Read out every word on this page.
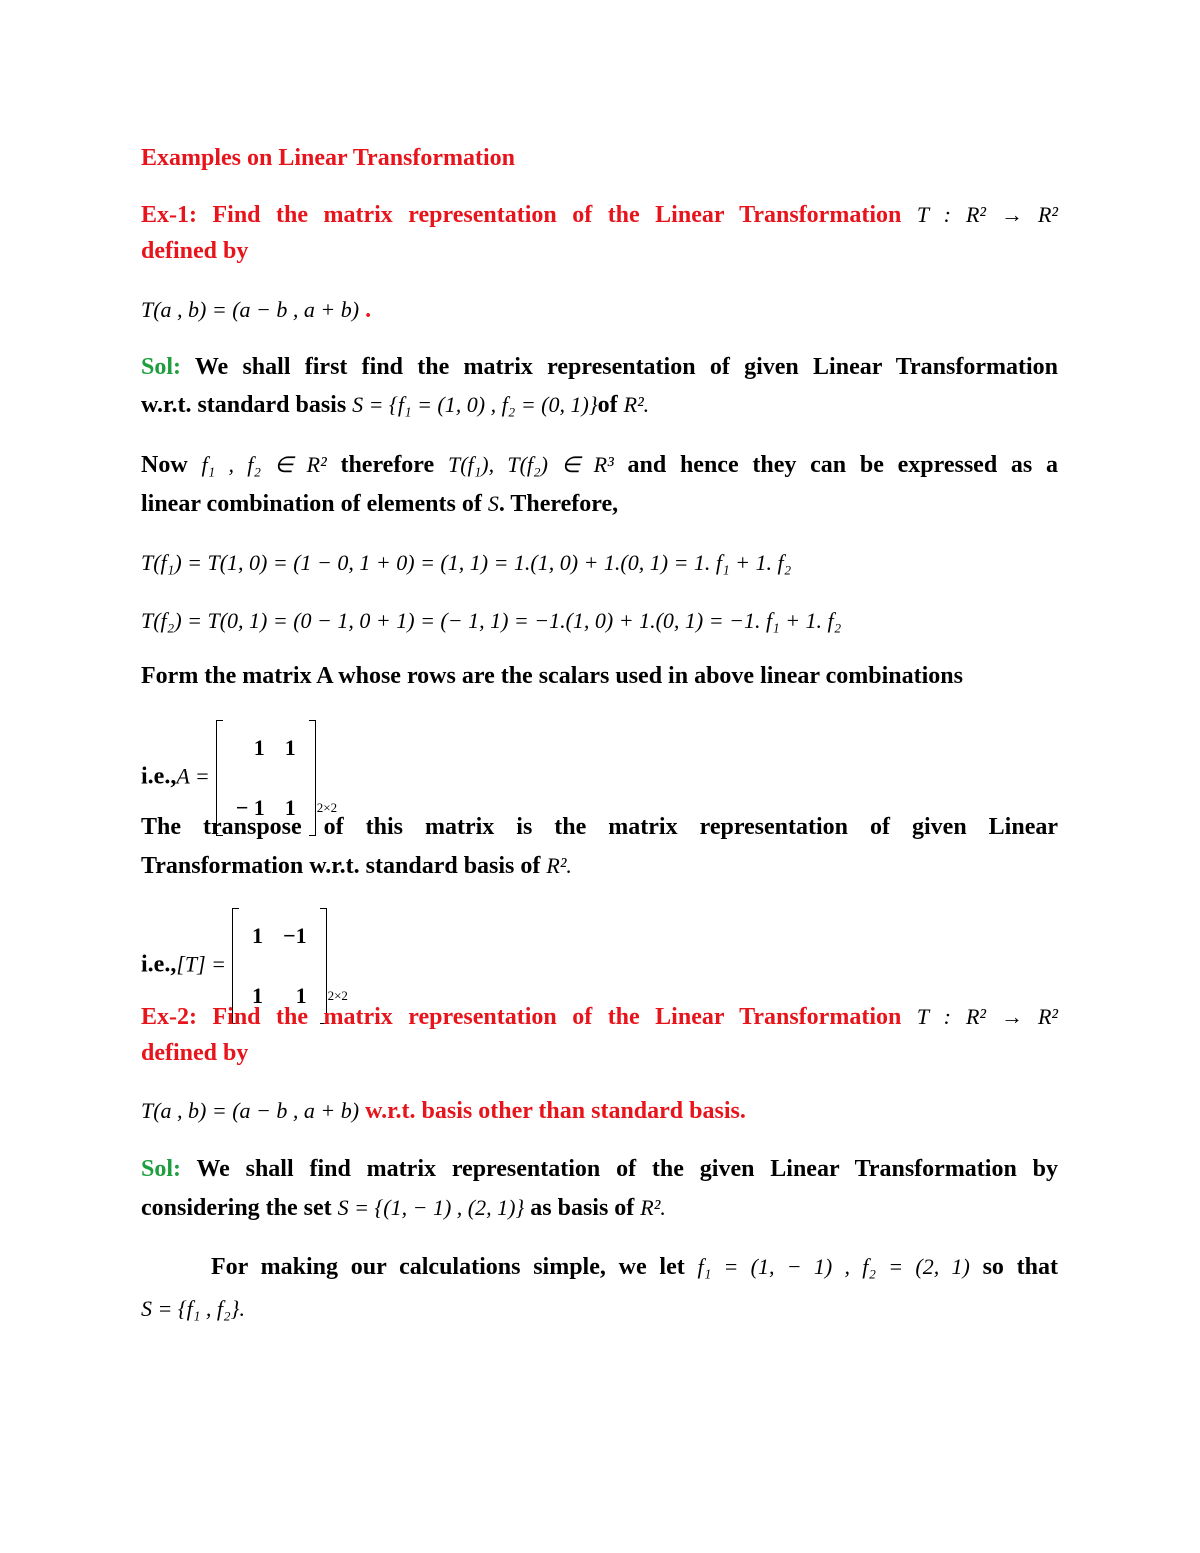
Examples on Linear Transformation
Ex-1: Find the matrix representation of the Linear Transformation T : R² → R²
defined by
T(a , b) = (a − b , a + b) .
Sol: We shall first find the matrix representation of given Linear Transformation
w.r.t. standard basis S = {f₁ = (1, 0) , f₂ = (0, 1)}of R².
Now f₁ , f₂ ∈ R² therefore T(f₁), T(f₂) ∈ R³ and hence they can be expressed as a
linear combination of elements of S. Therefore,
T(f₁) = T(1, 0) = (1 − 0, 1 + 0) = (1, 1) = 1.(1, 0) + 1.(0, 1) = 1. f₁ + 1. f₂
T(f₂) = T(0, 1) = (0 − 1, 0 + 1) = (− 1, 1) = −1.(1, 0) + 1.(0, 1) = −1. f₁ + 1. f₂
Form the matrix A whose rows are the scalars used in above linear combinations
i.e.,A =
1	1
− 1	1 2×2
The transpose of this matrix is the matrix representation of given Linear
Transformation w.r.t. standard basis of R².
i.e.,[T] =
1	−1
1	1 2×2
Ex-2: Find the matrix representation of the Linear Transformation T : R² → R²
defined by
T(a , b) = (a − b , a + b) w.r.t. basis other than standard basis.
Sol: We shall find matrix representation of the given Linear Transformation by
considering the set S = {(1, − 1) , (2, 1)} as basis of R².
For making our calculations simple, we let f₁ = (1, − 1) , f₂ = (2, 1) so that
S = {f₁ , f₂}.
